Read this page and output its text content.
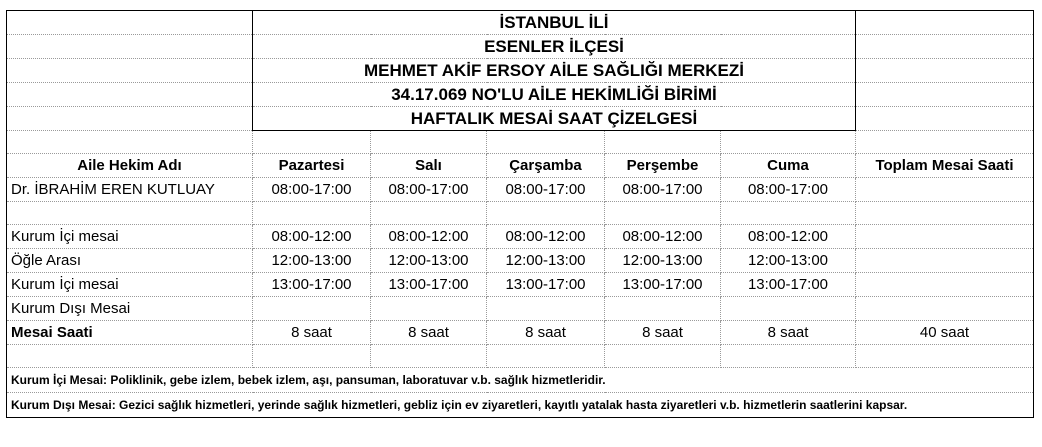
	İSTANBUL İLİ					
	ESENLER İLÇESİ					
	MEHMET AKİF ERSOY AİLE SAĞLIĞI MERKEZİ					
	34.17.069 NO'LU AİLE HEKİMLİĞİ BİRİMİ					
	HAFTALIK MESAİ SAAT ÇİZELGESİ					

Aile Hekim Adı	Pazartesi	Salı	Çarşamba	Perşembe	Cuma	Toplam Mesai Saati
Dr. İBRAHİM EREN KUTLUAY	08:00-17:00	08:00-17:00	08:00-17:00	08:00-17:00	08:00-17:00	

Kurum İçi mesai	08:00-12:00	08:00-12:00	08:00-12:00	08:00-12:00	08:00-12:00	
Öğle Arası	12:00-13:00	12:00-13:00	12:00-13:00	12:00-13:00	12:00-13:00	
Kurum İçi mesai	13:00-17:00	13:00-17:00	13:00-17:00	13:00-17:00	13:00-17:00	
Kurum Dışı Mesai						
Mesai Saati	8 saat	8 saat	8 saat	8 saat	8 saat	40 saat

Kurum İçi Mesai: Poliklinik, gebe izlem, bebek izlem, aşı, pansuman, laboratuvar v.b. sağlık hizmetleridir.						
Kurum Dışı Mesai: Gezici sağlık hizmetleri, yerinde sağlık hizmetleri, gebliz için ev ziyaretleri, kayıtlı yatalak hasta ziyaretleri v.b. hizmetlerin saatlerini kapsar.						
